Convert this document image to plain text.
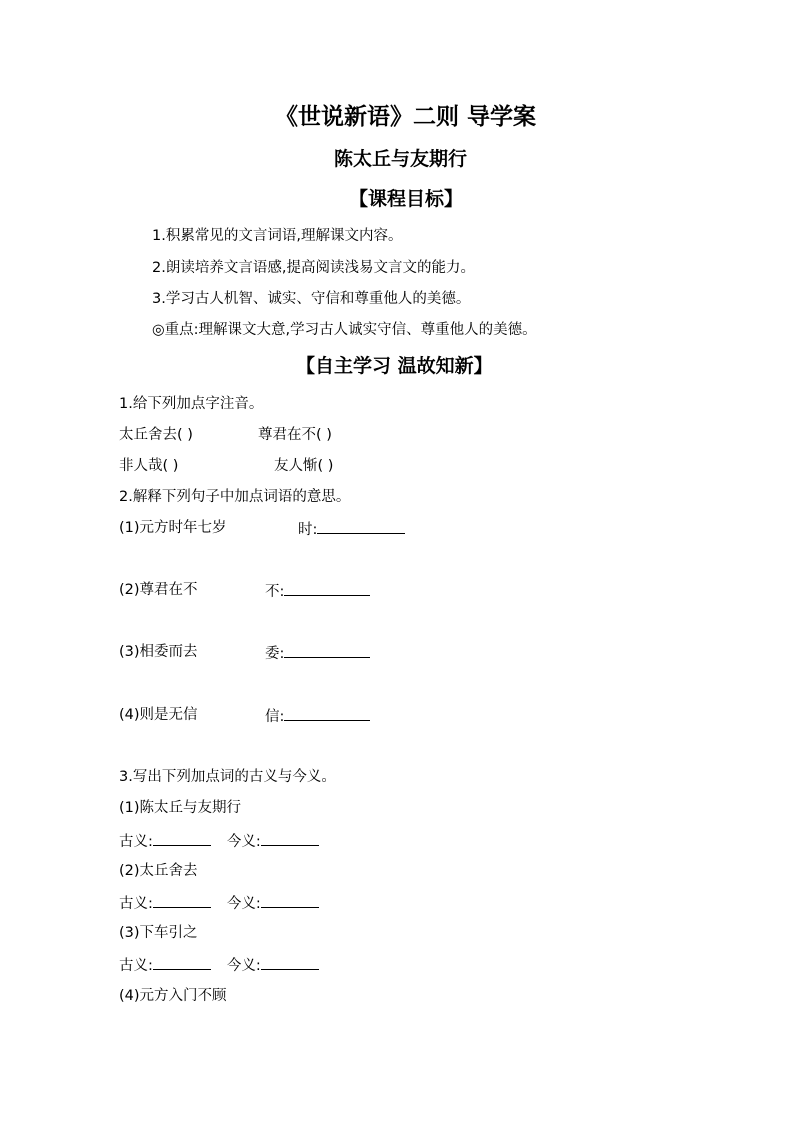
《世说新语》二则 导学案
陈太丘与友期行
【课程目标】
1.积累常见的文言词语,理解课文内容。
2.朗读培养文言语感,提高阅读浅易文言文的能力。
3.学习古人机智、诚实、守信和尊重他人的美德。
◎重点:理解课文大意,学习古人诚实守信、尊重他人的美德。
【自主学习 温故知新】
1.给下列加点字注音。
太丘舍去( )	尊君在不( )
非人哉( )	友人惭( )
2.解释下列句子中加点词语的意思。
(1)元方时年七岁	时:
(2)尊君在不	不:
(3)相委而去	委:
(4)则是无信	信:
3.写出下列加点词的古义与今义。
(1)陈太丘与友期行
古义:	今义:
(2)太丘舍去
古义:	今义:
(3)下车引之
古义:	今义:
(4)元方入门不顾
